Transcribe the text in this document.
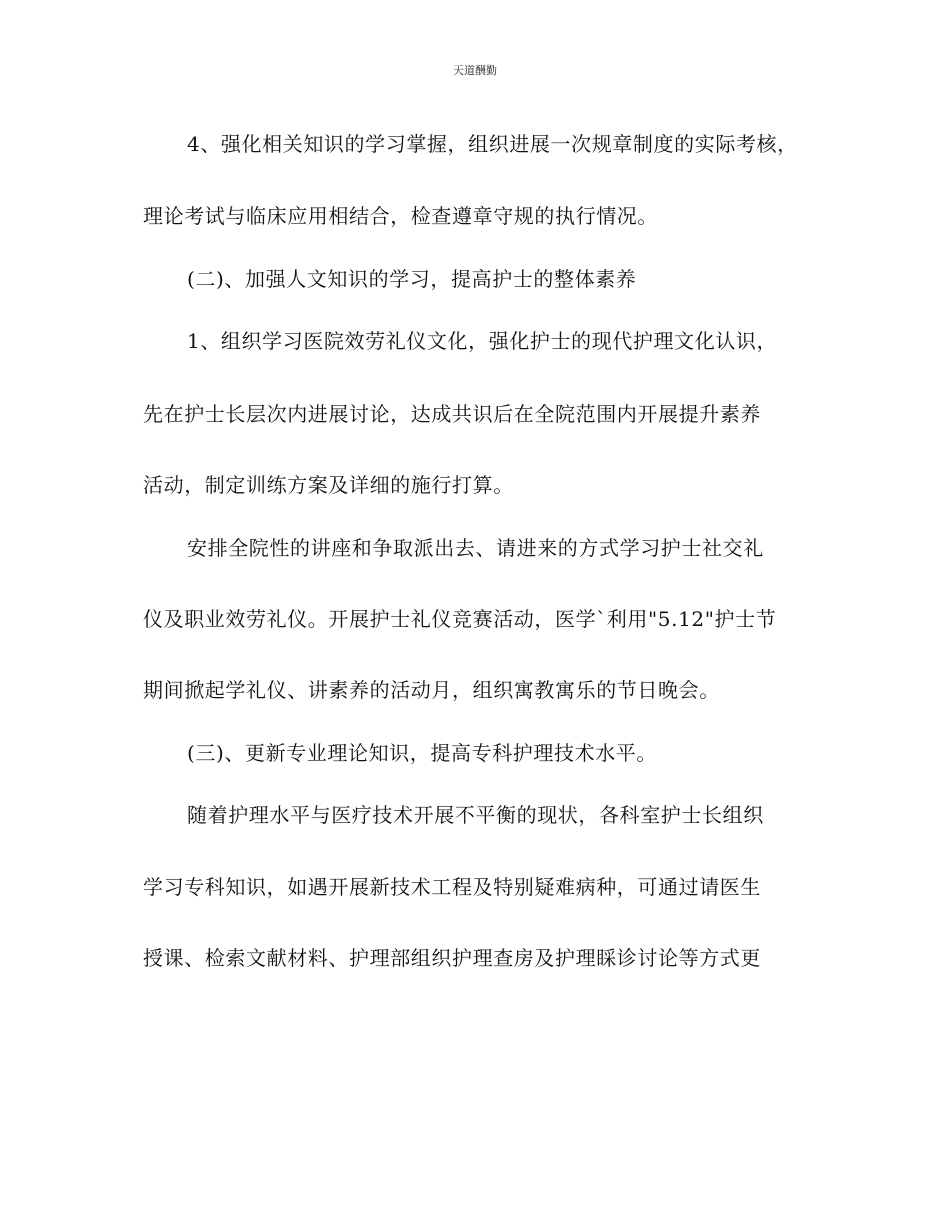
天道酬勤
4、强化相关知识的学习掌握，组织进展一次规章制度的实际考核，
理论考试与临床应用相结合，检查遵章守规的执行情况。
(二)、加强人文知识的学习，提高护士的整体素养
1、组织学习医院效劳礼仪文化，强化护士的现代护理文化认识，
先在护士长层次内进展讨论，达成共识后在全院范围内开展提升素养
活动，制定训练方案及详细的施行打算。
安排全院性的讲座和争取派出去、请进来的方式学习护士社交礼
仪及职业效劳礼仪。开展护士礼仪竞赛活动，医学`利用"5.12"护士节
期间掀起学礼仪、讲素养的活动月，组织寓教寓乐的节日晚会。
(三)、更新专业理论知识，提高专科护理技术水平。
随着护理水平与医疗技术开展不平衡的现状，各科室护士长组织
学习专科知识，如遇开展新技术工程及特别疑难病种，可通过请医生
授课、检索文献材料、护理部组织护理查房及护理睬诊讨论等方式更
